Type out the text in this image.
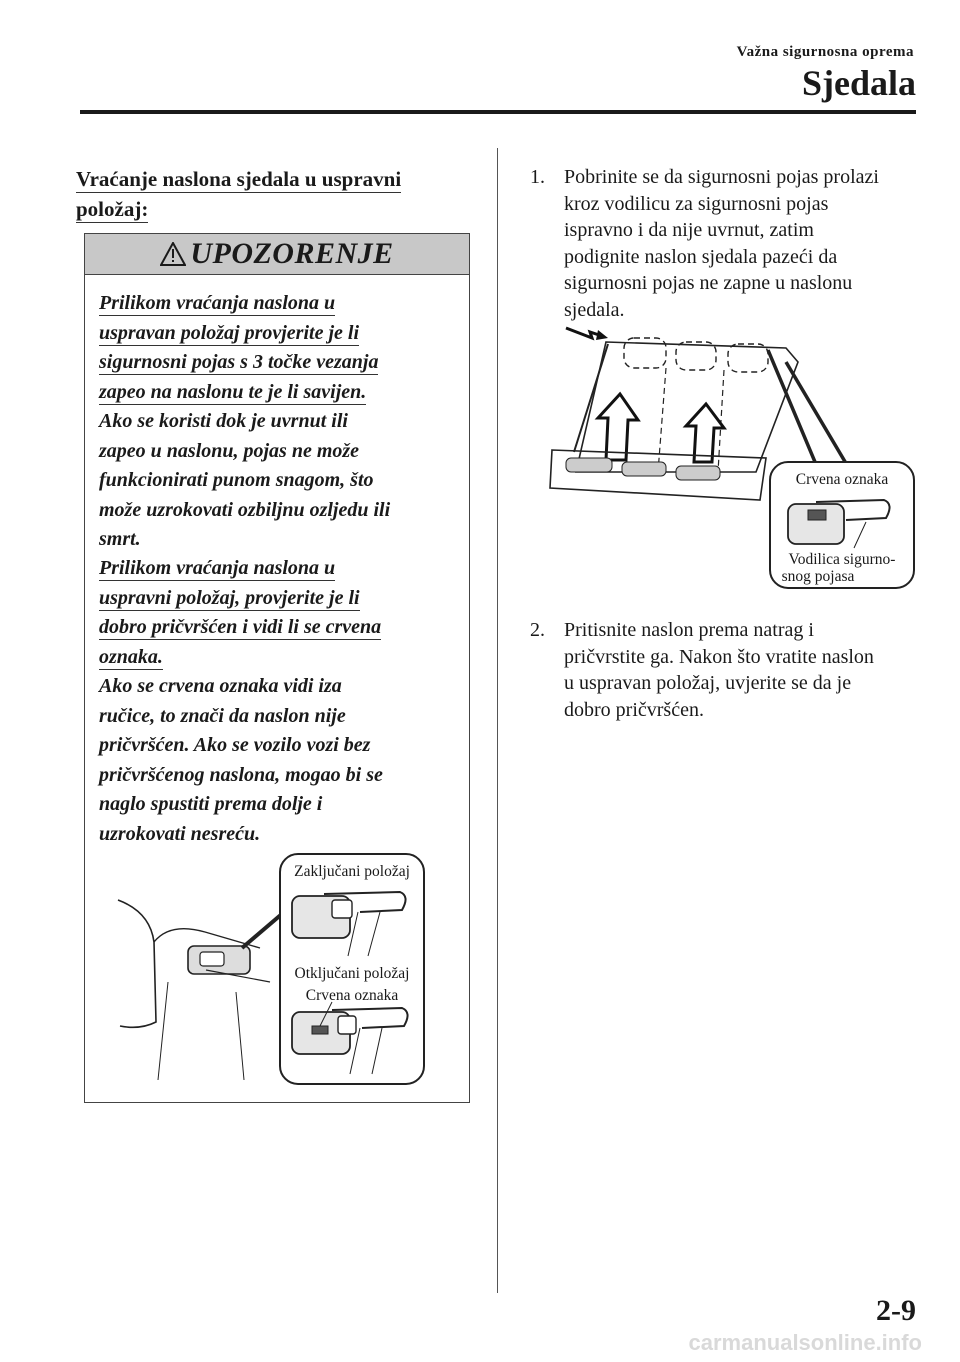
Važna sigurnosna oprema
Sjedala
Vraćanje naslona sjedala u uspravni
položaj:
UPOZORENJE
Prilikom vraćanja naslona u
uspravan položaj provjerite je li
sigurnosni pojas s 3 točke vezanja
zapeo na naslonu te je li savijen.
Ako se koristi dok je uvrnut ili
zapeo u naslonu, pojas ne može
funkcionirati punom snagom, što
može uzrokovati ozbiljnu ozljedu ili
smrt.
Prilikom vraćanja naslona u
uspravni položaj, provjerite je li
dobro pričvršćen i vidi li se crvena
oznaka.
Ako se crvena oznaka vidi iza
ručice, to znači da naslon nije
pričvršćen. Ako se vozilo vozi bez
pričvršćenog naslona, mogao bi se
naglo spustiti prema dolje i
uzrokovati nesreću.
Zaključani položaj
Otključani položaj
Crvena oznaka
1. Pobrinite se da sigurnosni pojas prolazi
kroz vodilicu za sigurnosni pojas
ispravno i da nije uvrnut, zatim
podignite naslon sjedala pazeći da
sigurnosni pojas ne zapne u naslonu
sjedala.
Crvena oznaka
Vodilica sigurno-
snog pojasa
2. Pritisnite naslon prema natrag i
pričvrstite ga. Nakon što vratite naslon
u uspravan položaj, uvjerite se da je
dobro pričvršćen.
2-9
carmanualsonline.info
